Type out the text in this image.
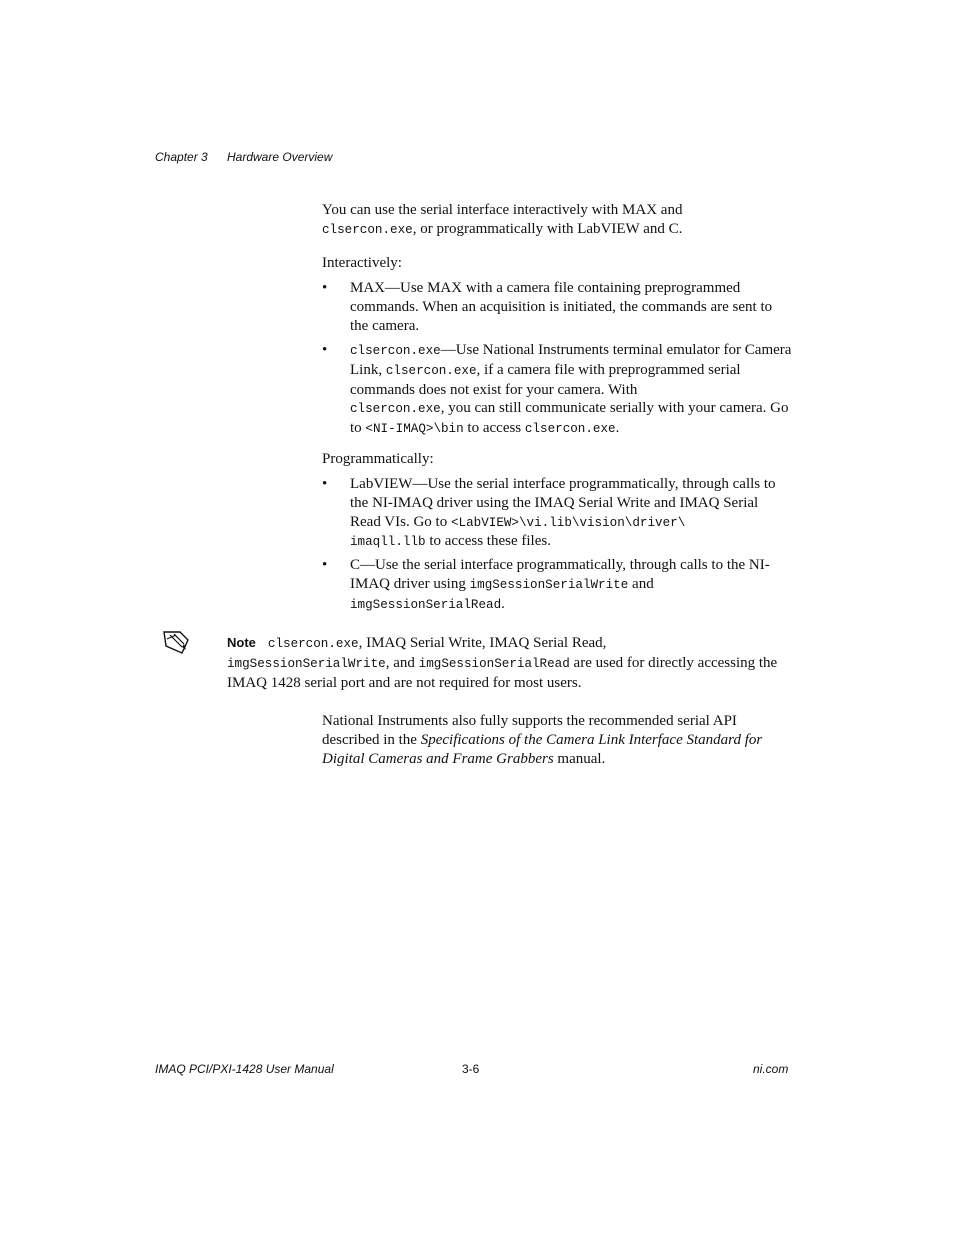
Chapter 3 Hardware Overview

You can use the serial interface interactively with MAX and
clsercon.exe, or programmatically with LabVIEW and C.

Interactively:
• MAX—Use MAX with a camera file containing preprogrammed commands. When an acquisition is initiated, the commands are sent to the camera.
• clsercon.exe—Use National Instruments terminal emulator for Camera Link, clsercon.exe, if a camera file with preprogrammed serial commands does not exist for your camera. With
clsercon.exe, you can still communicate serially with your camera. Go to <NI-IMAQ>\bin to access clsercon.exe.
Programmatically:
• LabVIEW—Use the serial interface programmatically, through calls to the NI-IMAQ driver using the IMAQ Serial Write and IMAQ Serial Read VIs. Go to <LabVIEW>\vi.lib\vision\driver\
imaqll.llb to access these files.
• C—Use the serial interface programmatically, through calls to the NI-IMAQ driver using imgSessionSerialWrite and
imgSessionSerialRead.
Note clsercon.exe, IMAQ Serial Write, IMAQ Serial Read,
imgSessionSerialWrite, and imgSessionSerialRead are used for directly accessing the IMAQ 1428 serial port and are not required for most users.
National Instruments also fully supports the recommended serial API described in the Specifications of the Camera Link Interface Standard for Digital Cameras and Frame Grabbers manual.
IMAQ PCI/PXI-1428 User Manual	3-6	ni.com
